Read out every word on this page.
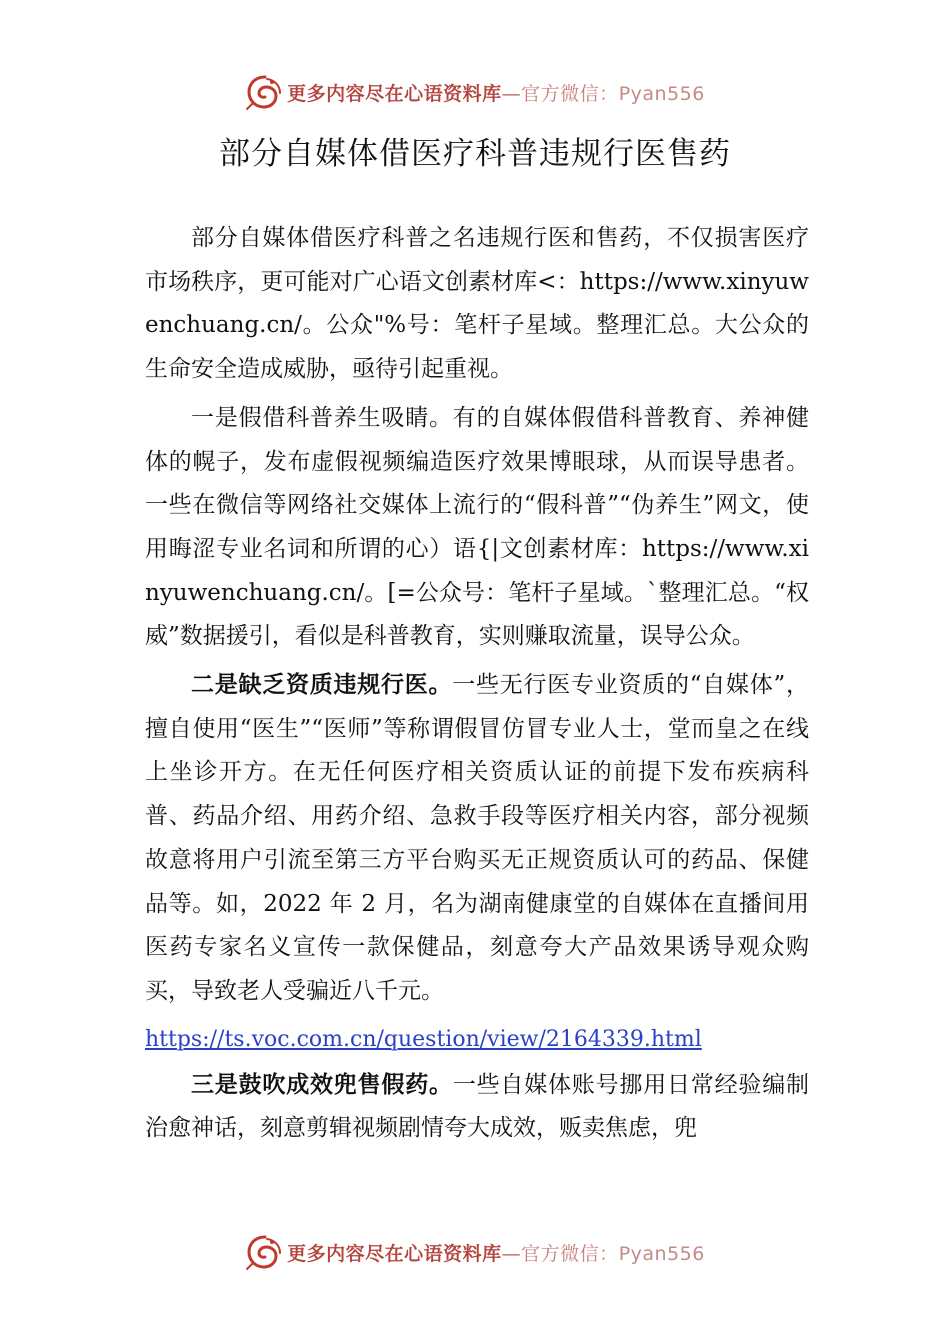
更多内容尽在心语资料库—官方微信：Pyan556
部分自媒体借医疗科普违规行医售药

部分自媒体借医疗科普之名违规行医和售药，不仅损害医疗市场秩序，更可能对广心语文创素材库<：https://www.xinyuwenchuang.cn/。公众"%号：笔杆子星域。整理汇总。大公众的生命安全造成威胁，亟待引起重视。

一是假借科普养生吸睛。有的自媒体假借科普教育、养神健体的幌子，发布虚假视频编造医疗效果博眼球，从而误导患者。一些在微信等网络社交媒体上流行的“假科普”“伪养生”网文，使用晦涩专业名词和所谓的心）语{|文创素材库：https://www.xinyuwenchuang.cn/。[=公众号：笔杆子星域。`整理汇总。“权威”数据援引，看似是科普教育，实则赚取流量，误导公众。

二是缺乏资质违规行医。一些无行医专业资质的“自媒体”，擅自使用“医生”“医师”等称谓假冒仿冒专业人士，堂而皇之在线上坐诊开方。在无任何医疗相关资质认证的前提下发布疾病科普、药品介绍、用药介绍、急救手段等医疗相关内容，部分视频故意将用户引流至第三方平台购买无正规资质认可的药品、保健品等。如，2022 年 2 月，名为湖南健康堂的自媒体在直播间用医药专家名义宣传一款保健品，刻意夸大产品效果诱导观众购买，导致老人受骗近八千元。

https://ts.voc.com.cn/question/view/2164339.html

三是鼓吹成效兜售假药。一些自媒体账号挪用日常经验编制治愈神话，刻意剪辑视频剧情夸大成效，贩卖焦虑，兜

更多内容尽在心语资料库—官方微信：Pyan556
